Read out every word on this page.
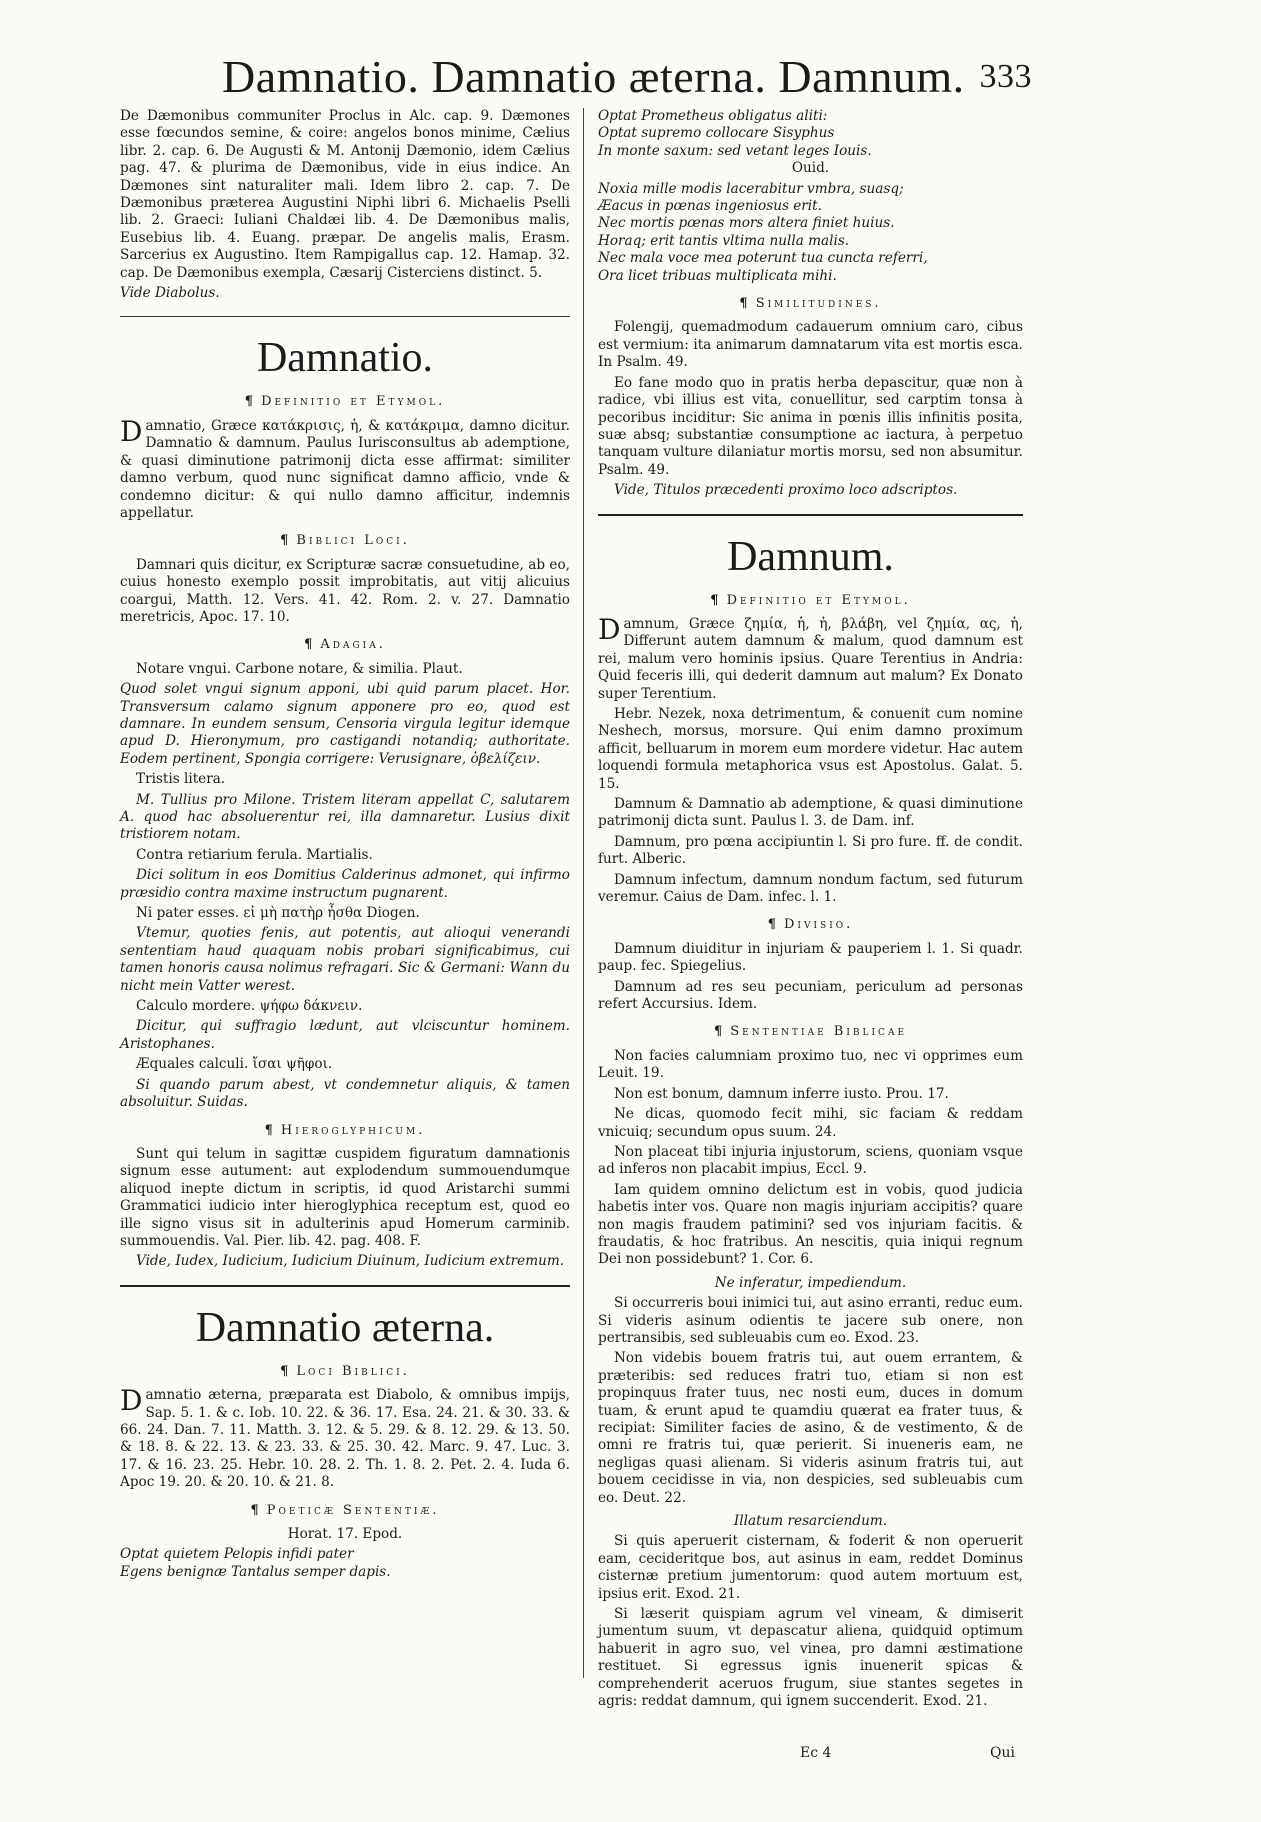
Damnatio. Damnatio æterna. Damnum. 333

De Dæmonibus communiter Proclus in Alc. cap. 9. Dæmones esse fœcundos semine, & coire: angelos bonos minime, Cælius libr. 2. cap. 6. De Augusti & M. Antonij Dæmonio, idem Cælius pag. 47. & plurima de Dæmonibus, vide in eius indice. An Dæmones sint naturaliter mali. Idem libro 2. cap. 7. De Dæmonibus præterea Augustini Niphi libri 6. Michaelis Pselli lib. 2. Graeci: Iuliani Chaldæi lib. 4. De Dæmonibus malis, Eusebius lib. 4. Euang. præpar. De angelis malis, Erasm. Sarcerius ex Augustino. Item Rampigallus cap. 12. Hamap. 32. cap. De Dæmonibus exempla, Cæsarij Cisterciens distinct. 5.

Vide Diabolus.

Damnatio.
¶ Definitio et Etymol.

Damnatio, Græce κατάκρισις, ἡ, & κατάκριμα, damno dicitur. Damnatio & damnum. Paulus Iurisconsultus ab ademptione, & quasi diminutione patrimonij dicta esse affirmat: similiter damno verbum, quod nunc significat damno afficio, vnde & condemno dicitur: & qui nullo damno afficitur, indemnis appellatur.

¶ Biblici Loci.

Damnari quis dicitur, ex Scripturæ sacræ consuetudine, ab eo, cuius honesto exemplo possit improbitatis, aut vitij alicuius coargui, Matth. 12. Vers. 41. 42. Rom. 2. v. 27. Damnatio meretricis, Apoc. 17. 10.

¶ Adagia.

Notare vngui. Carbone notare, & similia. Plaut.

Quod solet vngui signum apponi, ubi quid parum placet. Hor. Transversum calamo signum apponere pro eo, quod est damnare. In eundem sensum, Censoria virgula legitur idemque apud D. Hieronymum, pro castigandi notandiq; authoritate. Eodem pertinent, Spongia corrigere: Verusignare, ὀβελίζειν.

Tristis litera.

M. Tullius pro Milone. Tristem literam appellat C, salutarem A. quod hac absoluerentur rei, illa damnaretur. Lusius dixit tristiorem notam.

Contra retiarium ferula. Martialis.

Dici solitum in eos Domitius Calderinus admonet, qui infirmo præsidio contra maxime instructum pugnarent.

Ni pater esses. εἰ μὴ πατὴρ ἦσθα Diogen.

Vtemur, quoties fenis, aut potentis, aut alioqui venerandi sententiam haud quaquam nobis probari significabimus, cui tamen honoris causa nolimus refragari. Sic & Germani: Wann du nicht mein Vatter werest.

Calculo mordere. ψήφω δάκνειν.

Dicitur, qui suffragio lædunt, aut vlciscuntur hominem. Aristophanes.

Æquales calculi. ἴσαι ψῆφοι.

Si quando parum abest, vt condemnetur aliquis, & tamen absoluitur. Suidas.

¶ Hieroglyphicum.

Sunt qui telum in sagittæ cuspidem figuratum damnationis signum esse autument: aut explodendum summouendumque aliquod inepte dictum in scriptis, id quod Aristarchi summi Grammatici iudicio inter hieroglyphica receptum est, quod eo ille signo visus sit in adulterinis apud Homerum carminib. summouendis. Val. Pier. lib. 42. pag. 408. F.

Vide, Iudex, Iudicium, Iudicium Diuinum, Iudicium extremum.

Damnatio æterna.
¶ Loci Biblici.

Damnatio æterna, præparata est Diabolo, & omnibus impijs, Sap. 5. 1. & c. Iob. 10. 22. & 36. 17. Esa. 24. 21. & 30. 33. & 66. 24. Dan. 7. 11. Matth. 3. 12. & 5. 29. & 8. 12. 29. & 13. 50. & 18. 8. & 22. 13. & 23. 33. & 25. 30. 42. Marc. 9. 47. Luc. 3. 17. & 16. 23. 25. Hebr. 10. 28. 2. Th. 1. 8. 2. Pet. 2. 4. Iuda 6. Apoc 19. 20. & 20. 10. & 21. 8.

¶ Poeticæ Sententiæ.

Horat. 17. Epod.

Optat quietem Pelopis infidi pater

Egens benignæ Tantalus semper dapis.

Optat Prometheus obligatus aliti:

Optat supremo collocare Sisyphus

In monte saxum: sed vetant leges Iouis.

Ouid.

Noxia mille modis lacerabitur vmbra, suasq;

Æacus in pœnas ingeniosus erit.

Nec mortis pœnas mors altera finiet huius.

Horaq; erit tantis vltima nulla malis.

Nec mala voce mea poterunt tua cuncta referri,

Ora licet tribuas multiplicata mihi.

¶ Similitudines.

Folengij, quemadmodum cadauerum omnium caro, cibus est vermium: ita animarum damnatarum vita est mortis esca. In Psalm. 49.

Eo fane modo quo in pratis herba depascitur, quæ non à radice, vbi illius est vita, conuellitur, sed carptim tonsa à pecoribus inciditur: Sic anima in pœnis illis infinitis posita, suæ absq; substantiæ consumptione ac iactura, à perpetuo tanquam vulture dilaniatur mortis morsu, sed non absumitur. Psalm. 49.

Vide, Titulos præcedenti proximo loco adscriptos.

Damnum.
¶ Definitio et Etymol.

Damnum, Græce ζημία, ἡ, ἡ, βλάβη, vel ζημία, ας, ἡ, Differunt autem damnum & malum, quod damnum est rei, malum vero hominis ipsius. Quare Terentius in Andria: Quid feceris illi, qui dederit damnum aut malum? Ex Donato super Terentium.

Hebr. Nezek, noxa detrimentum, & conuenit cum nomine Neshech, morsus, morsure. Qui enim damno proximum afficit, belluarum in morem eum mordere videtur. Hac autem loquendi formula metaphorica vsus est Apostolus. Galat. 5. 15.

Damnum & Damnatio ab ademptione, & quasi diminutione patrimonij dicta sunt. Paulus l. 3. de Dam. inf.

Damnum, pro pœna accipiuntin l. Si pro fure. ff. de condit. furt. Alberic.

Damnum infectum, damnum nondum factum, sed futurum veremur. Caius de Dam. infec. l. 1.

¶ Divisio.

Damnum diuiditur in injuriam & pauperiem l. 1. Si quadr. paup. fec. Spiegelius.

Damnum ad res seu pecuniam, periculum ad personas refert Accursius. Idem.

¶ Sententiae Biblicae

Non facies calumniam proximo tuo, nec vi opprimes eum Leuit. 19.

Non est bonum, damnum inferre iusto. Prou. 17.

Ne dicas, quomodo fecit mihi, sic faciam & reddam vnicuiq; secundum opus suum. 24.

Non placeat tibi injuria injustorum, sciens, quoniam vsque ad inferos non placabit impius, Eccl. 9.

Iam quidem omnino delictum est in vobis, quod judicia habetis inter vos. Quare non magis injuriam accipitis? quare non magis fraudem patimini? sed vos injuriam facitis. & fraudatis, & hoc fratribus. An nescitis, quia iniqui regnum Dei non possidebunt? 1. Cor. 6.

Ne inferatur, impediendum.

Si occurreris boui inimici tui, aut asino erranti, reduc eum. Si videris asinum odientis te jacere sub onere, non pertransibis, sed subleuabis cum eo. Exod. 23.

Non videbis bouem fratris tui, aut ouem errantem, & præteribis: sed reduces fratri tuo, etiam si non est propinquus frater tuus, nec nosti eum, duces in domum tuam, & erunt apud te quamdiu quærat ea frater tuus, & recipiat: Similiter facies de asino, & de vestimento, & de omni re fratris tui, quæ perierit. Si inueneris eam, ne negligas quasi alienam. Si videris asinum fratris tui, aut bouem cecidisse in via, non despicies, sed subleuabis cum eo. Deut. 22.

Illatum resarciendum.

Si quis aperuerit cisternam, & foderit & non operuerit eam, cecideritque bos, aut asinus in eam, reddet Dominus cisternæ pretium jumentorum: quod autem mortuum est, ipsius erit. Exod. 21.

Si læserit quispiam agrum vel vineam, & dimiserit jumentum suum, vt depascatur aliena, quidquid optimum habuerit in agro suo, vel vinea, pro damni æstimatione restituet. Si egressus ignis inuenerit spicas & comprehenderit aceruos frugum, siue stantes segetes in agris: reddat damnum, qui ignem succenderit. Exod. 21.

Ec 4	Qui
